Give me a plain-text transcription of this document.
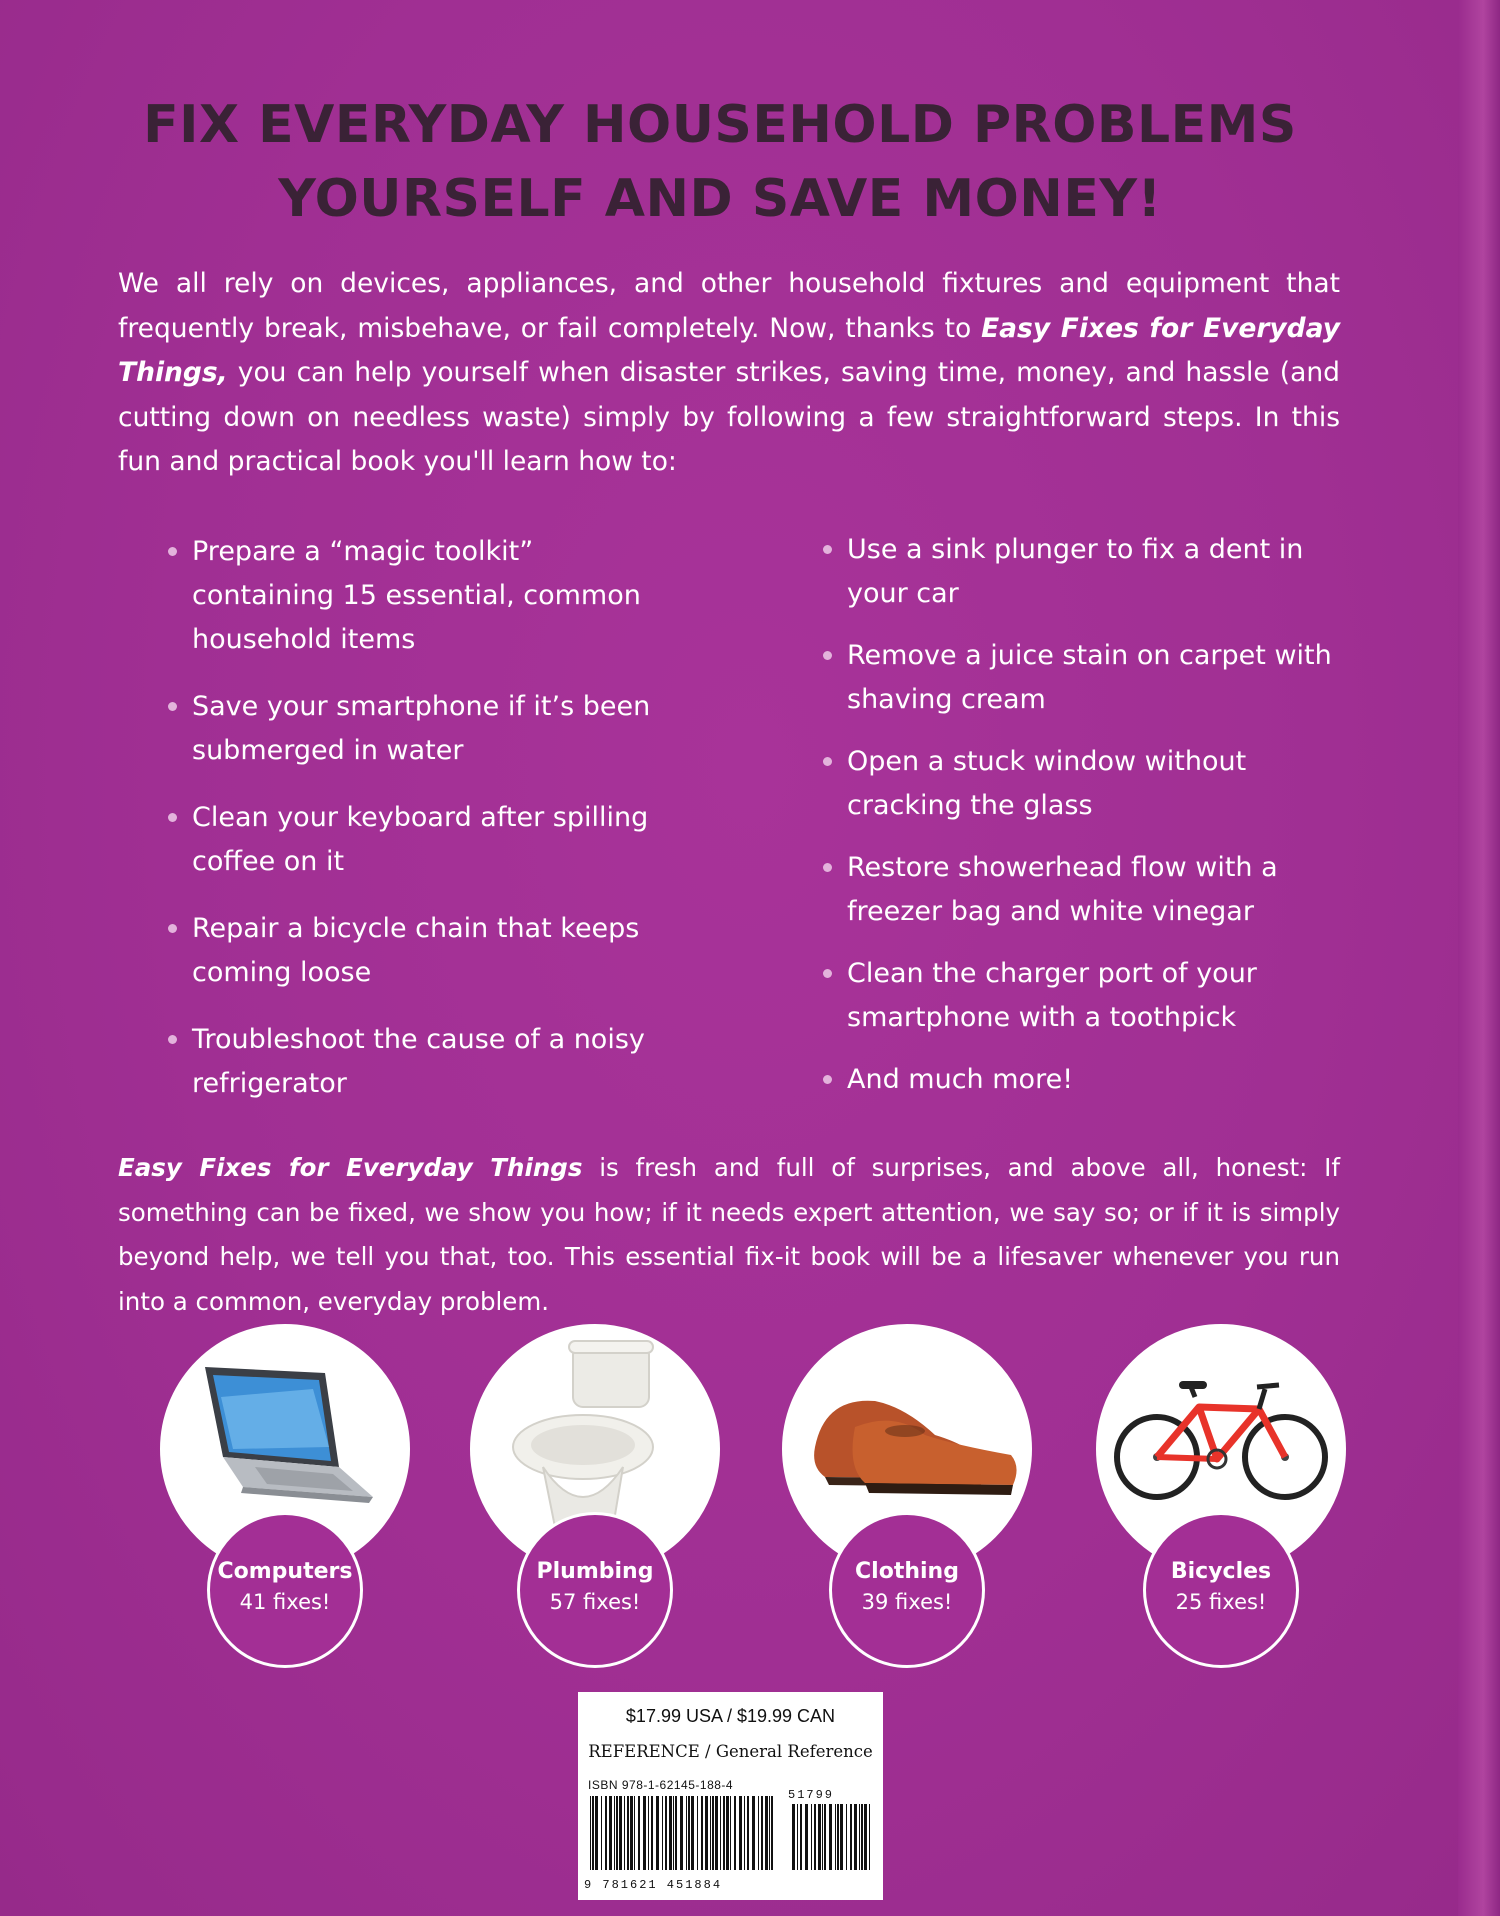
FIX EVERYDAY HOUSEHOLD PROBLEMS
YOURSELF AND SAVE MONEY!
We all rely on devices, appliances, and other household fixtures and equipment that frequently break, misbehave, or fail completely. Now, thanks to Easy Fixes for Everyday Things, you can help yourself when disaster strikes, saving time, money, and hassle (and cutting down on needless waste) simply by following a few straightforward steps. In this fun and practical book you'll learn how to:
Prepare a “magic toolkit” containing 15 essential, common household items
Save your smartphone if it’s been submerged in water
Clean your keyboard after spilling coffee on it
Repair a bicycle chain that keeps coming loose
Troubleshoot the cause of a noisy refrigerator
Use a sink plunger to fix a dent in your car
Remove a juice stain on carpet with shaving cream
Open a stuck window without cracking the glass
Restore showerhead flow with a freezer bag and white vinegar
Clean the charger port of your smartphone with a toothpick
And much more!
Easy Fixes for Everyday Things is fresh and full of surprises, and above all, honest: If something can be fixed, we show you how; if it needs expert attention, we say so; or if it is simply beyond help, we tell you that, too. This essential fix-it book will be a lifesaver whenever you run into a common, everyday problem.
Computers
41 fixes!
Plumbing
57 fixes!
Clothing
39 fixes!
Bicycles
25 fixes!
$17.99 USA / $19.99 CAN
REFERENCE / General Reference
ISBN 978-1-62145-188-4
51799
9 781621 451884
